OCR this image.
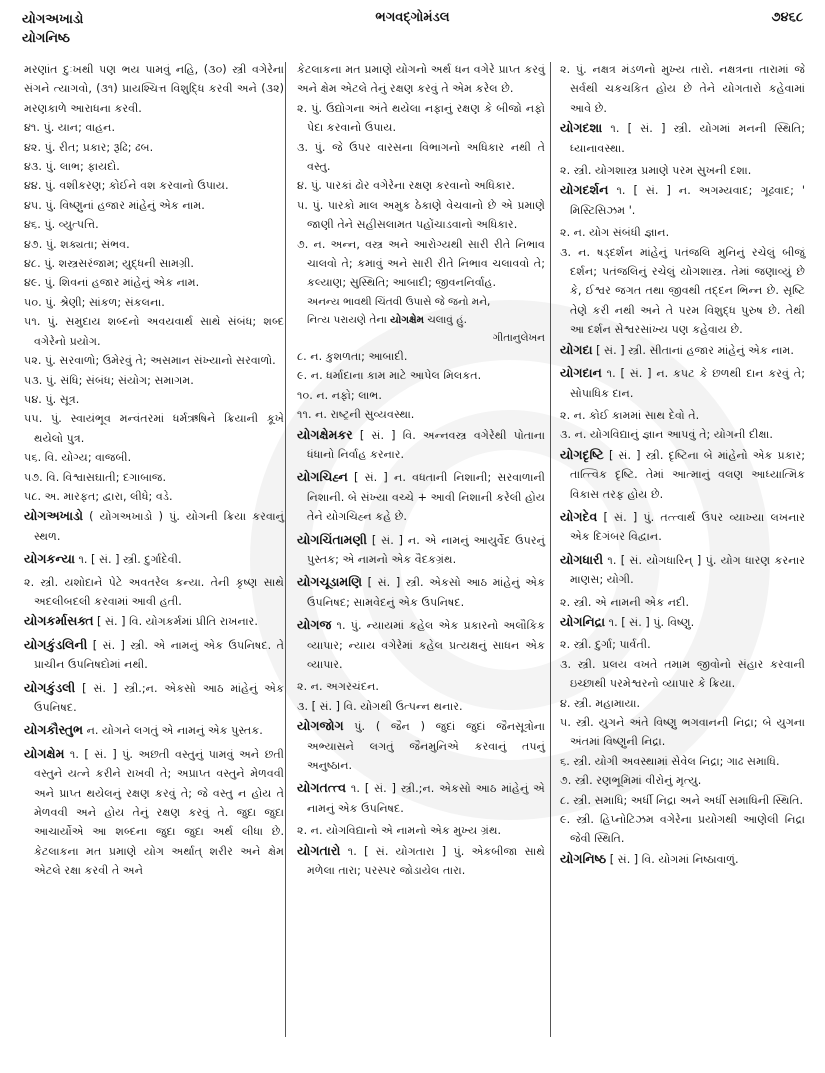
યોગઅખાડો
યોગનિષ્ઠ
ભગવદ્ગોમંડલ	૭૪૬૮
મરણાંત દુઃખથી પણ ભય પામવું નહિ, (૩૦) સ્ત્રી વગેરેના સંગને ત્યાગવો, (૩૧) પ્રાયશ્ચિત્ત વિશુદ્ધિ કરવી અને (૩૨) મરણકાળે આરાધના કરવી.
૪૧. પું. યાન; વાહન.
૪૨. પું. રીત; પ્રકાર; રૂઢિ; ઢબ.
૪૩. પું. લાભ; ફાયદો.
૪૪. પું. વશીકરણ; કોઈને વશ કરવાનો ઉપાય.
૪૫. પું. વિષ્ણુનાં હજાર માંહેનું એક નામ.
૪૬. પું. વ્યુત્પત્તિ.
૪૭. પું. શક્યતા; સંભવ.
૪૮. પું. શસ્ત્રસરંજામ; યુદ્ધની સામગ્રી.
૪૯. પું. શિવનાં હજાર માંહેનું એક નામ.
૫૦. પું. શ્રેણી; સાંકળ; સંકલના.
૫૧. પું. સમુદાય શબ્દનો અવયવાર્થ સાથે સંબંધ; શબ્દ વગેરેનો પ્રયોગ.
૫૨. પું. સરવાળો; ઉમેરવું તે; અસમાન સંખ્યાનો સરવાળો.
૫૩. પું. સંધિ; સંબંધ; સંયોગ; સમાગમ.
૫૪. પું. સૂત્ર.
૫૫. પું. સ્વાયંભૂવ મન્વંતરમાં ધર્મઋષિને ક્રિયાની કૂખે થયેલો પુત્ર.
૫૬. વિ. યોગ્ય; વાજબી.
૫૭. વિ. વિશ્વાસઘાતી; દગાબાજ.
૫૮. અ. મારફત; દ્વારા, લીધે; વડે.
યોગઅખાડો ( યોગઅખાડો ) પું. યોગની ક્રિયા કરવાનું સ્થળ.
યોગકન્યા ૧. [ સં. ] સ્ત્રી. દુર્ગાદેવી.
૨. સ્ત્રી. યશોદાને પેટે અવતરેલ કન્યા. તેની કૃષ્ણ સાથે અદલીબદલી કરવામાં આવી હતી.
યોગકર્માસક્ત [ સં. ] વિ. યોગકર્મમાં પ્રીતિ રાખનાર.
યોગકુંડલિની [ સં. ] સ્ત્રી. એ નામનું એક ઉપનિષદ. તે પ્રાચીન ઉપનિષદોમાં નથી.
યોગકુંડલી [ સં. ] સ્ત્રી.;ન. એકસો આઠ માંહેનું એક ઉપનિષદ.
યોગકૌસ્તુભ ન. યોગને લગતું એ નામનું એક પુસ્તક.
યોગક્ષેમ ૧. [ સં. ] પું. અછતી વસ્તુનું પામવું અને છતી વસ્તુને યત્ને કરીને રાખવી તે; અપ્રાપ્ત વસ્તુને મેળવવી અને પ્રાપ્ત થયેલનું રક્ષણ કરવું તે; જે વસ્તુ ન હોય તે મેળવવી અને હોય તેનું રક્ષણ કરવું તે. જુદા જુદા આચાર્યોએ આ શબ્દના જુદા જુદા અર્થ લીધા છે. કેટલાકના મત પ્રમાણે યોગ અર્થાત્ શરીર અને ક્ષેમ એટલે રક્ષા કરવી તે અને
કેટલાકના મત પ્રમાણે યોગનો અર્થ ધન વગેરે પ્રાપ્ત કરવું અને ક્ષેમ એટલે તેનું રક્ષણ કરવું તે એમ કરેલ છે.
૨. પું. ઉદ્યોગના અંતે થયેલા નફાનું રક્ષણ કે બીજો નફો પેદા કરવાનો ઉપાય.
૩. પું. જે ઉપર વારસના વિભાગનો અધિકાર નથી તે વસ્તુ.
૪. પું. પારકાં ઢોર વગેરેના રક્ષણ કરવાનો અધિકાર.
૫. પું. પારકો માલ અમુક ઠેકાણે વેચવાનો છે એ પ્રમાણે જાણી તેને સહીસલામત પહોંચાડવાનો અધિકાર.
૭. ન. અન્ન, વસ્ત્ર અને આરોગ્યથી સારી રીતે નિભાવ ચાલવો તે; કમાવું અને સારી રીતે નિભાવ ચલાવવો તે; કલ્યાણ; સુસ્થિતિ; આબાદી; જીવનનિર્વાહ.
અનન્ય ભાવથી ચિંતવી ઉપાસે જે જનો મને,
નિત્ય પરાયણે તેના યોગક્ષેમ ચલાવું હું.
ગીતાનુલેખન
૮. ન. કુશળતા; આબાદી.
૯. ન. ધર્માદાના કામ માટે આપેલ મિલકત.
૧૦. ન. નફો; લાભ.
૧૧. ન. રાષ્ટ્રની સુવ્યવસ્થા.
યોગક્ષેમકર [ સં. ] વિ. અન્નવસ્ત્ર વગેરેથી પોતાના ધંધાનો નિર્વાહ કરનાર.
યોગચિહ્ન [ સં. ] ન. વધતાની નિશાની; સરવાળાની નિશાની. બે સંખ્યા વચ્ચે + આવી નિશાની કરેલી હોય તેને યોગચિહ્ન કહે છે.
યોગચિંતામણી [ સં. ] ન. એ નામનું આયુર્વેદ ઉપરનું પુસ્તક; એ નામનો એક વૈદકગ્રંથ.
યોગચૂડામણિ [ સં. ] સ્ત્રી. એકસો આઠ માંહેનું એક ઉપનિષદ; સામવેદનું એક ઉપનિષદ.
યોગજ ૧. પું. ન્યાયમાં કહેલ એક પ્રકારનો અલૌકિક વ્યાપાર; ન્યાય વગેરેમાં કહેલ પ્રત્યક્ષનું સાધન એક વ્યાપાર.
૨. ન. અગરચંદન.
૩. [ સં. ] વિ. યોગથી ઉત્પન્ન થનાર.
યોગજોગ પું. ( જૈન ) જુદાં જુદાં જૈનસૂત્રોના અભ્યાસને લગતું જૈનમુનિએ કરવાનું તપનું અનુષ્ઠાન.
યોગતત્ત્વ ૧. [ સં. ] સ્ત્રી.;ન. એકસો આઠ માંહેનું એ નામનું એક ઉપનિષદ.
૨. ન. યોગવિદ્યાનો એ નામનો એક મુખ્ય ગ્રંથ.
યોગતારો ૧. [ સં. યોગતારા ] પું. એકબીજા સાથે મળેલા તારા; પરસ્પર જોડાયેલ તારા.
૨. પું. નક્ષત્ર મંડળનો મુખ્ય તારો. નક્ષત્રના તારામાં જે સર્વથી ચકચકિત હોય છે તેને યોગતારો કહેવામાં આવે છે.
યોગદશા ૧. [ સં. ] સ્ત્રી. યોગમાં મનની સ્થિતિ; ધ્યાનાવસ્થા.
૨. સ્ત્રી. યોગશાસ્ત્ર પ્રમાણે પરમ સુખની દશા.
યોગદર્શન ૧. [ સં. ] ન. અગમ્યવાદ; ગૂઢવાદ; ' મિસ્ટિસિઝમ '.
૨. ન. યોગ સંબંધી જ્ઞાન.
૩. ન. ષડ્દર્શન માંહેનું પતંજલિ મુનિનું રચેલું બીજું દર્શન; પતંજલિનું રચેલું યોગશાસ્ત્ર. તેમાં જણાવ્યું છે કે, ઈશ્વર જગત તથા જીવથી તદ્દન ભિન્ન છે. સૃષ્ટિ તેણે કરી નથી અને તે પરમ વિશુદ્ધ પુરુષ છે. તેથી આ દર્શન સેશ્વરસાંખ્ય પણ કહેવાય છે.
યોગદા [ સં. ] સ્ત્રી. સીતાનાં હજાર માંહેનું એક નામ.
યોગદાન ૧. [ સં. ] ન. કપટ કે છળથી દાન કરવું તે; સોપાધિક દાન.
૨. ન. કોઈ કામમાં સાથ દેવો તે.
૩. ન. યોગવિદ્યાનું જ્ઞાન આપવું તે; યોગની દીક્ષા.
યોગદૃષ્ટિ [ સં. ] સ્ત્રી. દૃષ્ટિના બે માંહેનો એક પ્રકાર; તાત્ત્વિક દૃષ્ટિ. તેમાં આત્માનું વલણ આધ્યાત્મિક વિકાસ તરફ હોય છે.
યોગદેવ [ સં. ] પું. તત્ત્વાર્થ ઉપર વ્યાખ્યા લખનાર એક દિગંબર વિદ્વાન.
યોગધારી ૧. [ સં. યોગધારિન્ ] પું. યોગ ધારણ કરનાર માણસ; યોગી.
૨. સ્ત્રી. એ નામની એક નદી.
યોગનિદ્રા ૧. [ સં. ] પું. વિષ્ણુ.
૨. સ્ત્રી. દુર્ગા; પાર્વતી.
૩. સ્ત્રી. પ્રલય વખતે તમામ જીવોનો સંહાર કરવાની ઇચ્છાથી પરમેશ્વરનો વ્યાપાર કે ક્રિયા.
૪. સ્ત્રી. મહામાયા.
૫. સ્ત્રી. યુગને અંતે વિષ્ણુ ભગવાનની નિદ્રા; બે યુગના અંતમાં વિષ્ણુની નિદ્રા.
૬. સ્ત્રી. યોગી અવસ્થામાં સેવેલ નિદ્રા; ગાઢ સમાધિ.
૭. સ્ત્રી. રણભૂમિમાં વીરોનું મૃત્યુ.
૮. સ્ત્રી. સમાધિ; અર્ધી નિદ્રા અને અર્ધી સમાધિની સ્થિતિ.
૯. સ્ત્રી. હિપ્નોટિઝમ વગેરેના પ્રયોગથી આણેલી નિદ્રા જેવી સ્થિતિ.
યોગનિષ્ઠ [ સં. ] વિ. યોગમાં નિષ્ઠાવાળું.
